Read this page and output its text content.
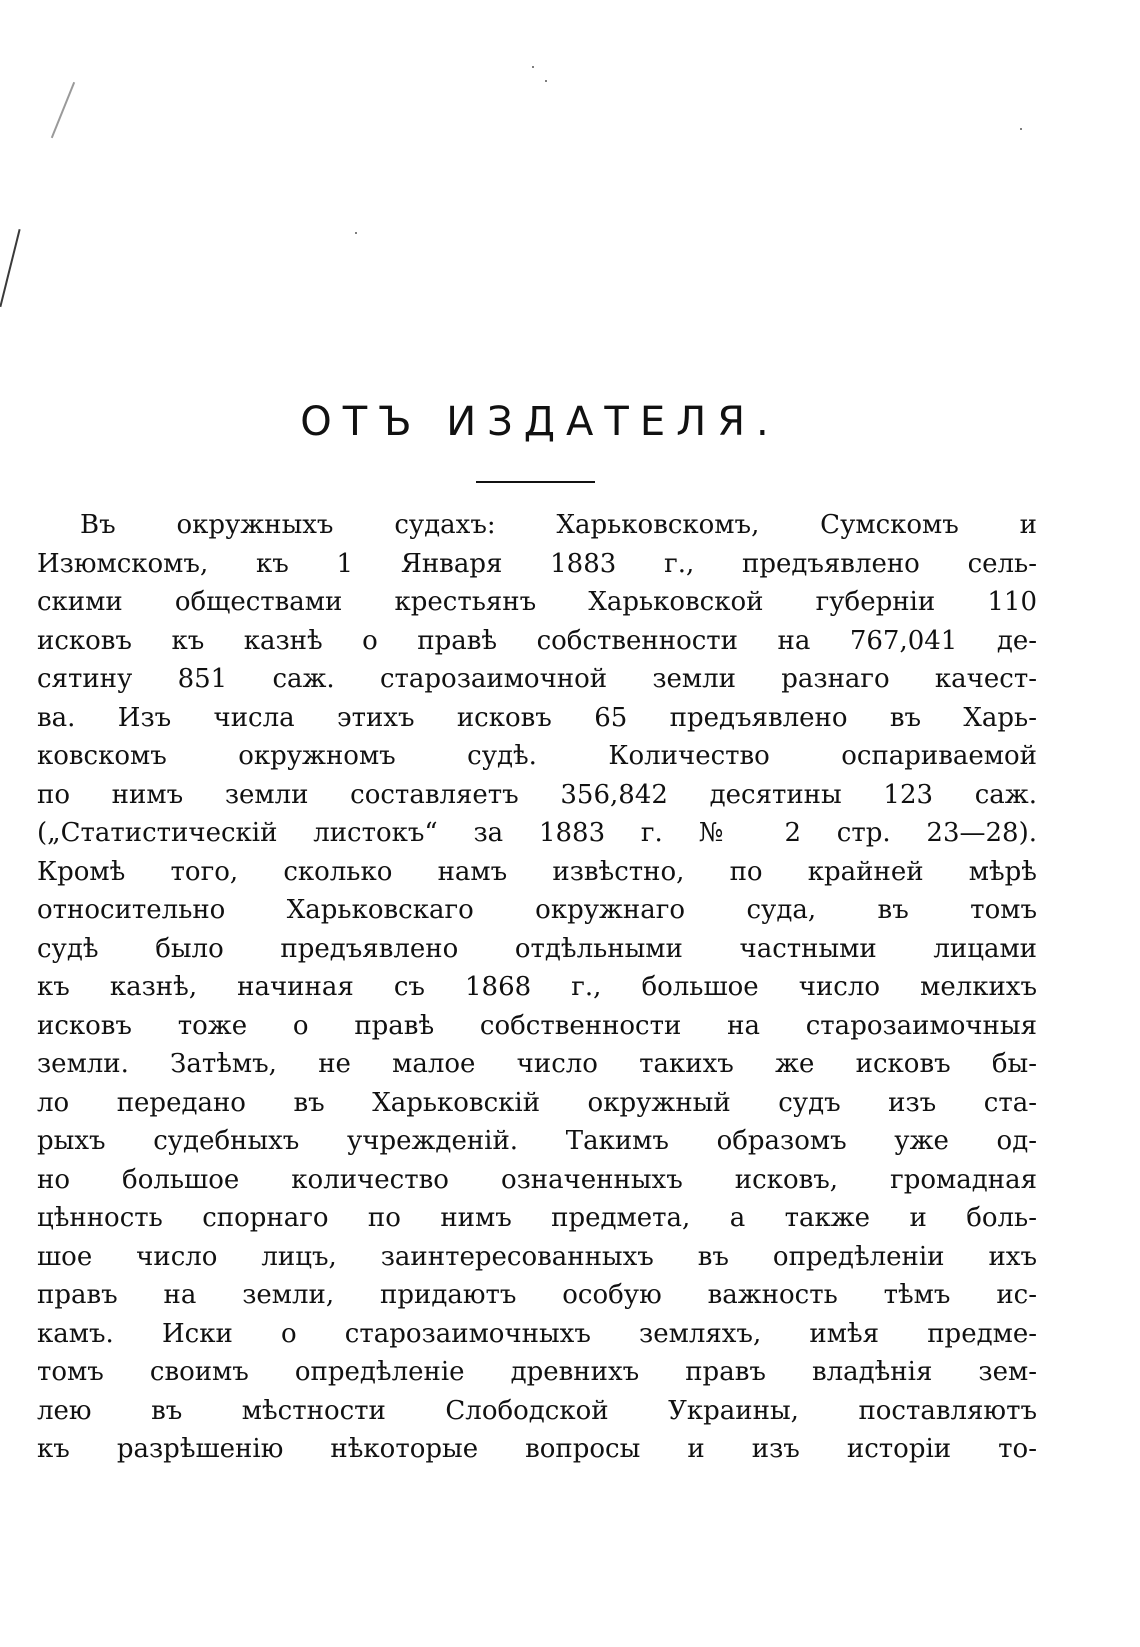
ОТЪ ИЗДАТЕЛЯ.
Въ окружныхъ судахъ: Харьковскомъ, Сумскомъ и
Изюмскомъ, къ 1 Января 1883 г., предъявлено сель-
скими обществами крестьянъ Харьковской губерніи 110
исковъ къ казнѣ о правѣ собственности на 767,041 де-
сятину 851 саж. старозаимочной земли разнаго качест-
ва. Изъ числа этихъ исковъ 65 предъявлено въ Харь-
ковскомъ окружномъ судѣ. Количество оспариваемой
по нимъ земли составляетъ 356,842 десятины 123 саж.
(„Статистическій листокъ“ за 1883 г. № 2 стр. 23—28).
Кромѣ того, сколько намъ извѣстно, по крайней мѣрѣ
относительно Харьковскаго окружнаго суда, въ томъ
судѣ было предъявлено отдѣльными частными лицами
къ казнѣ, начиная съ 1868 г., большое число мелкихъ
исковъ тоже о правѣ собственности на старозаимочныя
земли. Затѣмъ, не малое число такихъ же исковъ бы-
ло передано въ Харьковскій окружный судъ изъ ста-
рыхъ судебныхъ учрежденій. Такимъ образомъ уже од-
но большое количество означенныхъ исковъ, громадная
цѣнность спорнаго по нимъ предмета, а также и боль-
шое число лицъ, заинтересованныхъ въ опредѣленіи ихъ
правъ на земли, придаютъ особую важность тѣмъ ис-
камъ. Иски о старозаимочныхъ земляхъ, имѣя предме-
томъ своимъ опредѣленіе древнихъ правъ владѣнія зем-
лею въ мѣстности Слободской Украины, поставляютъ
къ разрѣшенію нѣкоторые вопросы и изъ исторіи то-
